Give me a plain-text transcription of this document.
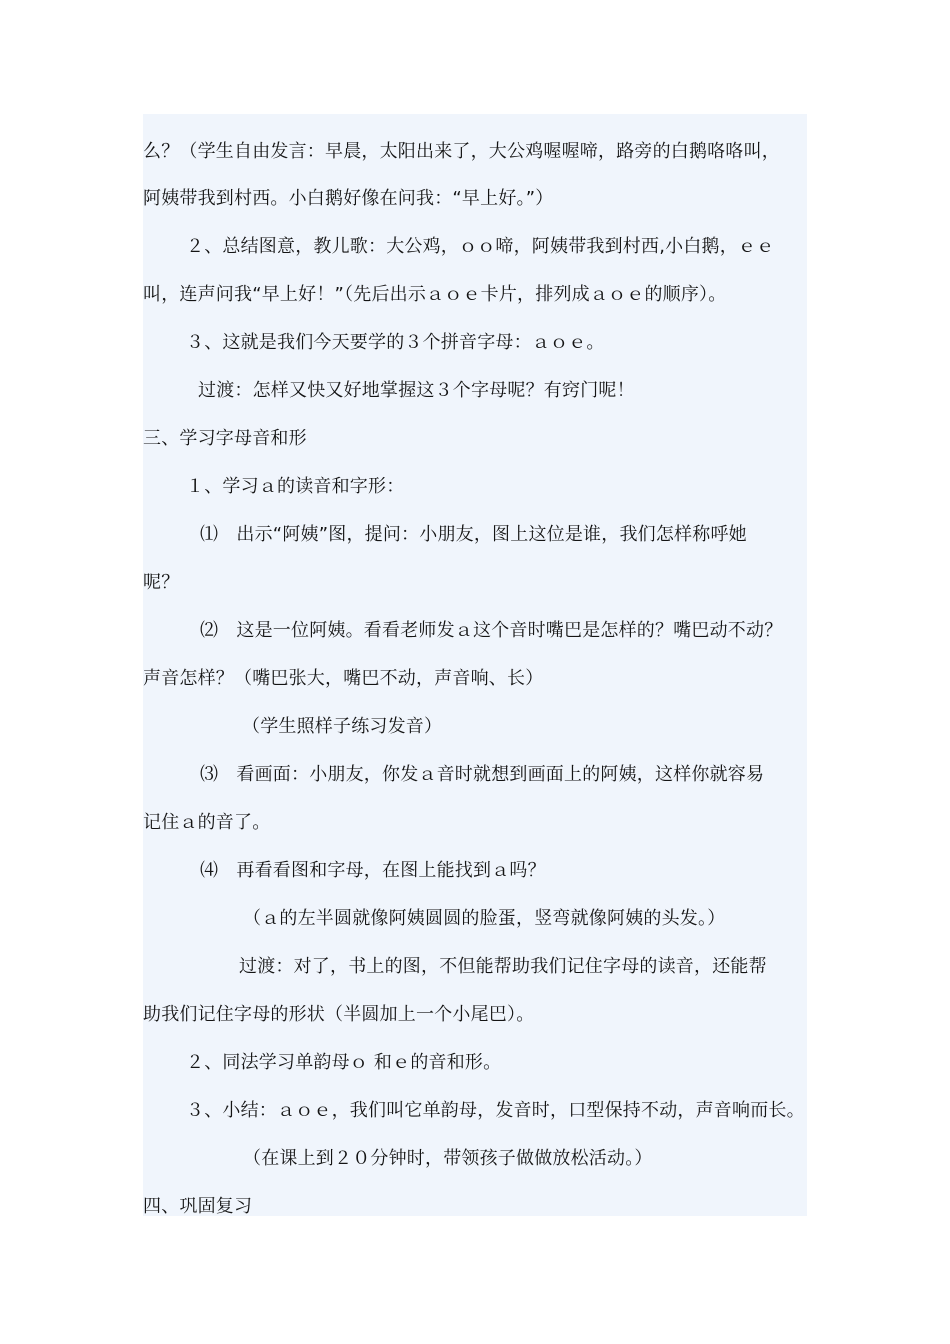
么？（学生自由发言：早晨，太阳出来了，大公鸡喔喔啼，路旁的白鹅咯咯叫，
阿姨带我到村西。小白鹅好像在问我：“早上好。”）
２、总结图意，教儿歌：大公鸡，ｏｏ啼，阿姨带我到村西,小白鹅，ｅｅ
叫，连声问我“早上好！”（先后出示ａｏｅ卡片，排列成ａｏｅ的顺序）。
３、这就是我们今天要学的３个拼音字母：ａｏｅ。
过渡：怎样又快又好地掌握这３个字母呢？有窍门呢！
三、学习字母音和形
１、学习ａ的读音和字形：
⑴　出示“阿姨”图，提问：小朋友，图上这位是谁，我们怎样称呼她
呢？
⑵　这是一位阿姨。看看老师发ａ这个音时嘴巴是怎样的？嘴巴动不动？
声音怎样？（嘴巴张大，嘴巴不动，声音响、长）
（学生照样子练习发音）
⑶　看画面：小朋友，你发ａ音时就想到画面上的阿姨，这样你就容易
记住ａ的音了。
⑷　再看看图和字母，在图上能找到ａ吗？
（ａ的左半圆就像阿姨圆圆的脸蛋，竖弯就像阿姨的头发。）
过渡：对了，书上的图，不但能帮助我们记住字母的读音，还能帮
助我们记住字母的形状（半圆加上一个小尾巴）。
２、同法学习单韵母ｏ 和ｅ的音和形。
３、小结：ａｏｅ，我们叫它单韵母，发音时，口型保持不动，声音响而长。
（在课上到２０分钟时，带领孩子做做放松活动。）
四、巩固复习
